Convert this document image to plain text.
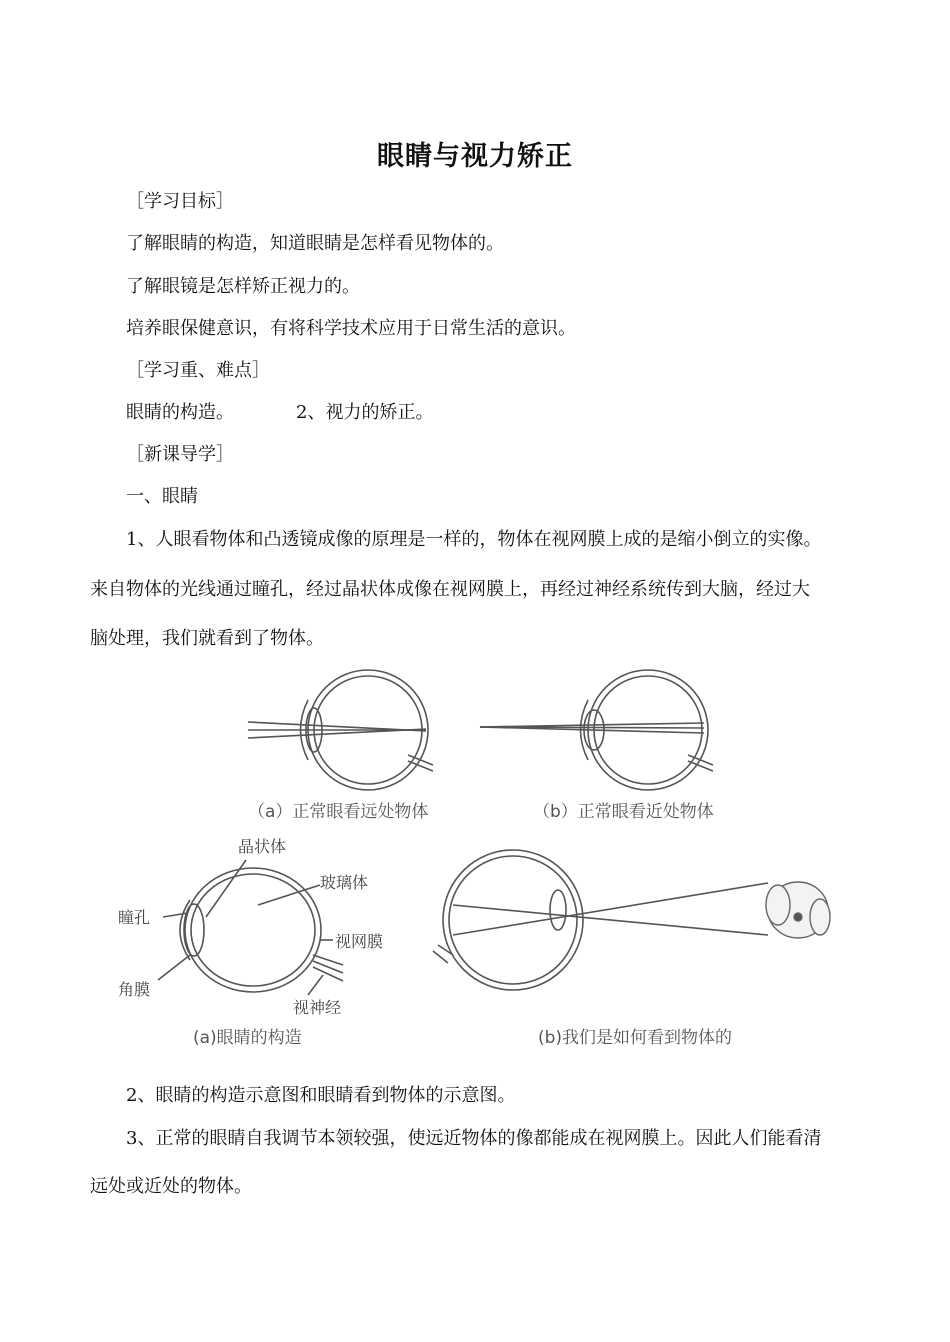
眼睛与视力矫正
［学习目标］
了解眼睛的构造，知道眼睛是怎样看见物体的。
了解眼镜是怎样矫正视力的。
培养眼保健意识，有将科学技术应用于日常生活的意识。
［学习重、难点］
眼睛的构造。	2、视力的矫正。
［新课导学］
一、眼睛
1、人眼看物体和凸透镜成像的原理是一样的，物体在视网膜上成的是缩小倒立的实像。
来自物体的光线通过瞳孔，经过晶状体成像在视网膜上，再经过神经系统传到大脑，经过大
脑处理，我们就看到了物体。
（a）正常眼看远处物体	（b）正常眼看近处物体
晶状体
玻璃体
瞳孔
视网膜
角膜
视神经
(a)眼睛的构造	(b)我们是如何看到物体的
2、眼睛的构造示意图和眼睛看到物体的示意图。
3、正常的眼睛自我调节本领较强，使远近物体的像都能成在视网膜上。因此人们能看清
远处或近处的物体。
